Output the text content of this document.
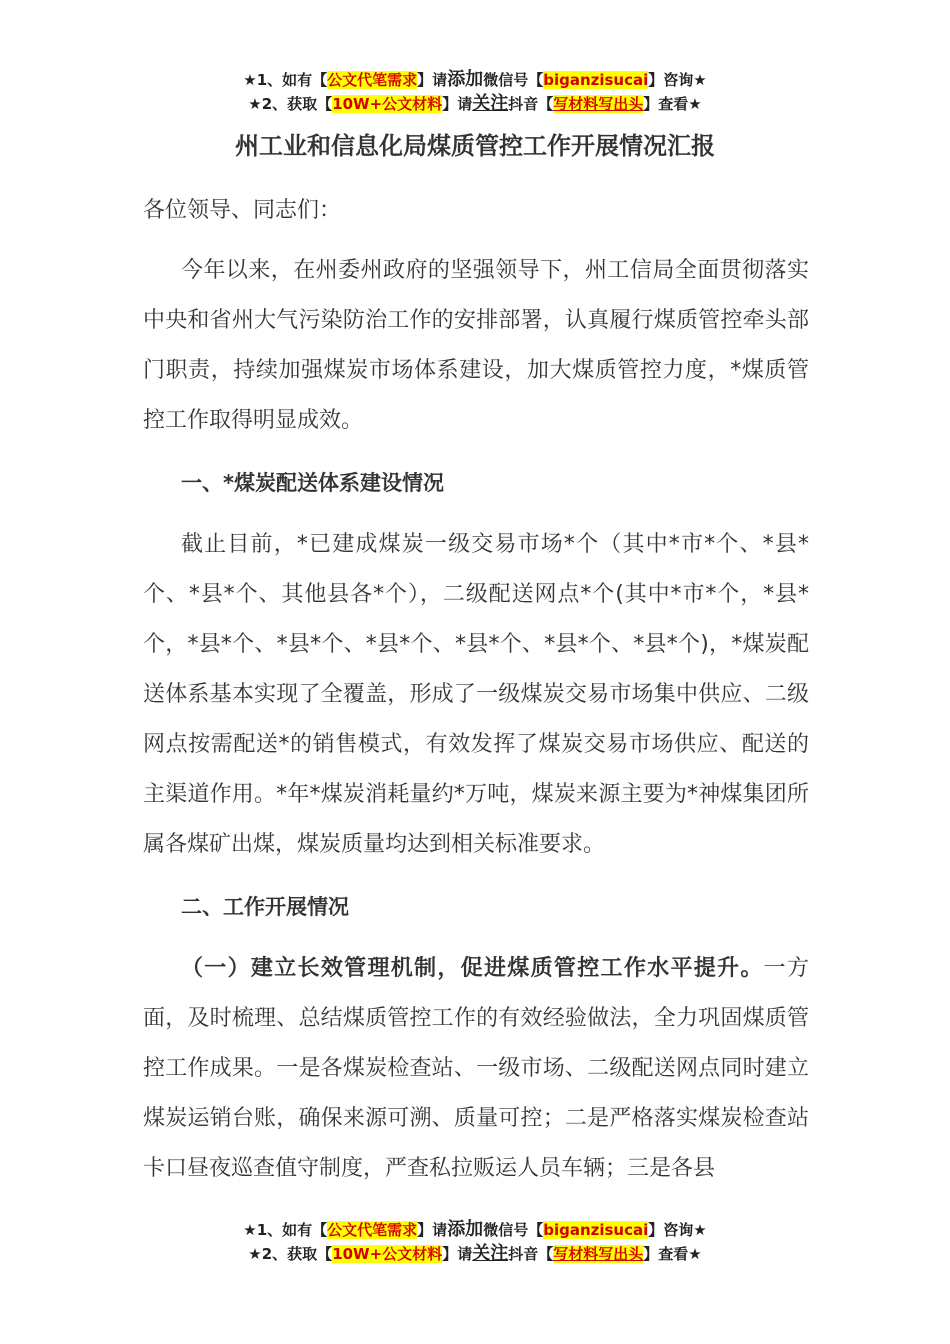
★1、如有【公文代笔需求】请添加微信号【biganzisucai】咨询★
★2、获取【10W+公文材料】请关注抖音【写材料写出头】查看★
州工业和信息化局煤质管控工作开展情况汇报

各位领导、同志们：

今年以来，在州委州政府的坚强领导下，州工信局全面贯彻落实中央和省州大气污染防治工作的安排部署，认真履行煤质管控牵头部门职责，持续加强煤炭市场体系建设，加大煤质管控力度，*煤质管控工作取得明显成效。

一、*煤炭配送体系建设情况

截止目前，*已建成煤炭一级交易市场*个（其中*市*个、*县*个、*县*个、其他县各*个），二级配送网点*个(其中*市*个，*县*个，*县*个、*县*个、*县*个、*县*个、*县*个、*县*个)，*煤炭配送体系基本实现了全覆盖，形成了一级煤炭交易市场集中供应、二级网点按需配送*的销售模式，有效发挥了煤炭交易市场供应、配送的主渠道作用。*年*煤炭消耗量约*万吨，煤炭来源主要为*神煤集团所属各煤矿出煤，煤炭质量均达到相关标准要求。

二、工作开展情况

（一）建立长效管理机制，促进煤质管控工作水平提升。一方面，及时梳理、总结煤质管控工作的有效经验做法，全力巩固煤质管控工作成果。一是各煤炭检查站、一级市场、二级配送网点同时建立煤炭运销台账，确保来源可溯、质量可控；二是严格落实煤炭检查站卡口昼夜巡查值守制度，严查私拉贩运人员车辆；三是各县

★1、如有【公文代笔需求】请添加微信号【biganzisucai】咨询★
★2、获取【10W+公文材料】请关注抖音【写材料写出头】查看★
